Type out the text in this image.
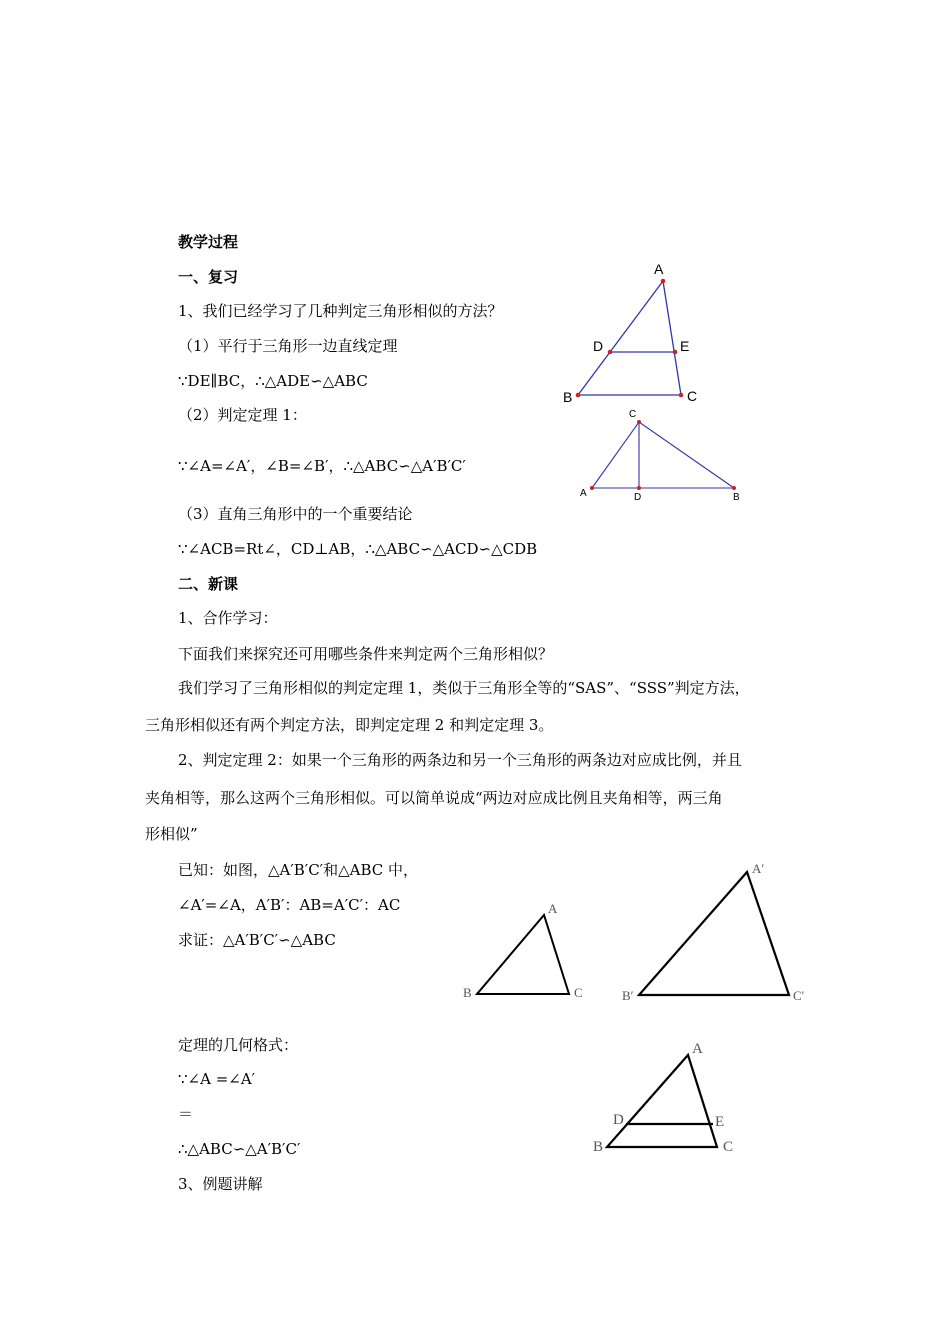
教学过程
一、复习
1、我们已经学习了几种判定三角形相似的方法？
（1）平行于三角形一边直线定理
∵DE∥BC，∴△ADE∽△ABC
（2）判定定理 1：
∵∠A=∠A′，∠B=∠B′，∴△ABC∽△A′B′C′
（3）直角三角形中的一个重要结论
∵∠ACB=Rt∠，CD⊥AB，∴△ABC∽△ACD∽△CDB
二、新课
1、合作学习：
下面我们来探究还可用哪些条件来判定两个三角形相似？
我们学习了三角形相似的判定定理 1，类似于三角形全等的“SAS”、“SSS”判定方法，
三角形相似还有两个判定方法，即判定定理 2 和判定定理 3。
2、判定定理 2：如果一个三角形的两条边和另一个三角形的两条边对应成比例，并且
夹角相等，那么这两个三角形相似。可以简单说成“两边对应成比例且夹角相等，两三角
形相似”
已知：如图，△A′B′C′和△ABC 中，
∠A′=∠A，A′B′：AB=A′C′：AC
求证：△A′B′C′∽△ABC
定理的几何格式：
∵∠A =∠A′
＝
∴△ABC∽△A′B′C′
3、例题讲解
A
D	E
B	C
C
A	D	B
A
B	C
A′
B′	C′
A
D	E
B	C
